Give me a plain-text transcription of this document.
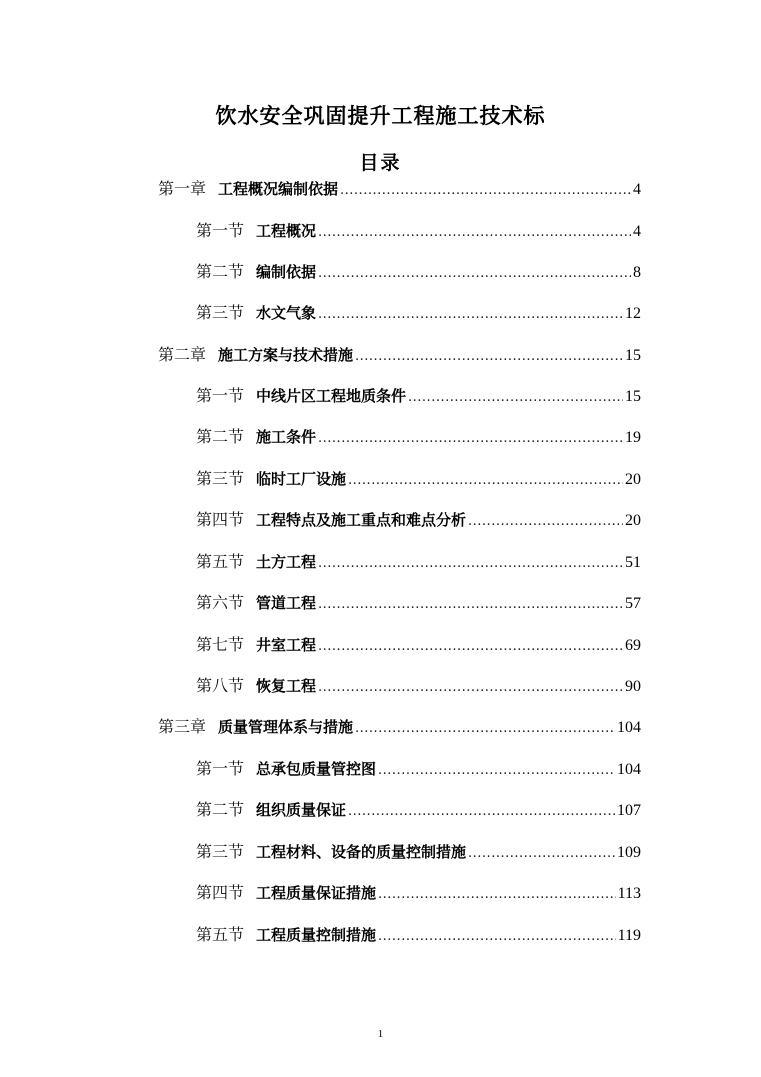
饮水安全巩固提升工程施工技术标
目录
第一章 工程概况编制依据 .....	4
第一节 工程概况 .....	4
第二节 编制依据 .....	8
第三节 水文气象 .....	12
第二章 施工方案与技术措施 .....	15
第一节 中线片区工程地质条件 .....	15
第二节 施工条件 .....	19
第三节 临时工厂设施 .....	20
第四节 工程特点及施工重点和难点分析 .....	20
第五节 土方工程 .....	51
第六节 管道工程 .....	57
第七节 井室工程 .....	69
第八节 恢复工程 .....	90
第三章 质量管理体系与措施 .....	104
第一节 总承包质量管控图 .....	104
第二节 组织质量保证 .....	107
第三节 工程材料、设备的质量控制措施 .....	109
第四节 工程质量保证措施 .....	113
第五节 工程质量控制措施 .....	119
1
